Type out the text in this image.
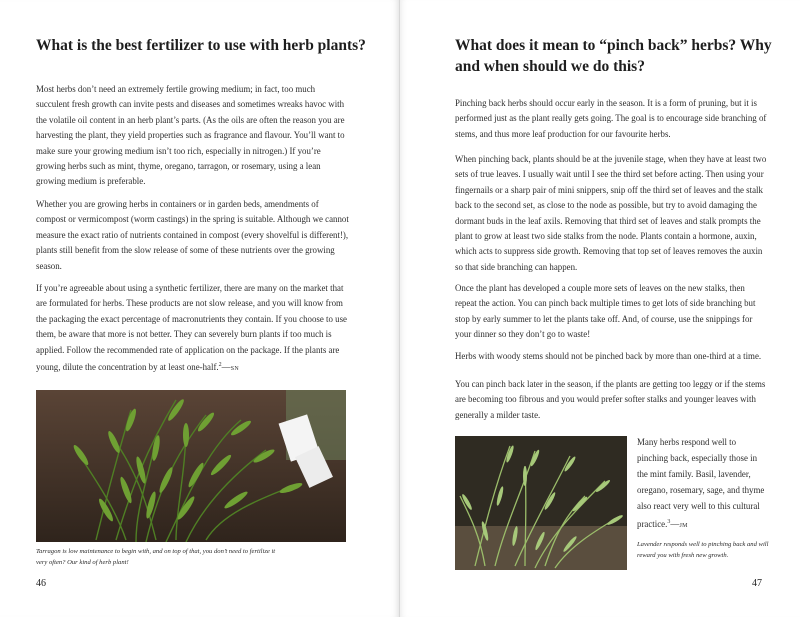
What is the best fertilizer to use with herb plants?

Most herbs don’t need an extremely fertile growing medium; in fact, too much succulent fresh growth can invite pests and diseases and sometimes wreaks havoc with the volatile oil content in an herb plant’s parts. (As the oils are often the reason you are harvesting the plant, they yield properties such as fragrance and flavour. You’ll want to make sure your growing medium isn’t too rich, especially in nitrogen.) If you’re growing herbs such as mint, thyme, oregano, tarragon, or rosemary, using a lean growing medium is preferable.

Whether you are growing herbs in containers or in garden beds, amendments of compost or vermicompost (worm castings) in the spring is suitable. Although we cannot measure the exact ratio of nutrients contained in compost (every shovelful is different!), plants still benefit from the slow release of some of these nutrients over the growing season.

If you’re agreeable about using a synthetic fertilizer, there are many on the market that are formulated for herbs. These products are not slow release, and you will know from the packaging the exact percentage of macronutrients they contain. If you choose to use them, be aware that more is not better. They can severely burn plants if too much is applied. Follow the recommended rate of application on the package. If the plants are young, dilute the concentration by at least one-half.$^2$—sn

Tarragon is low maintenance to begin with, and on top of that, you don’t need to fertilize it very often? Our kind of herb plant!

46
What does it mean to “pinch back” herbs? Why and when should we do this?

Pinching back herbs should occur early in the season. It is a form of pruning, but it is performed just as the plant really gets going. The goal is to encourage side branching of stems, and thus more leaf production for our favourite herbs.

When pinching back, plants should be at the juvenile stage, when they have at least two sets of true leaves. I usually wait until I see the third set before acting. Then using your fingernails or a sharp pair of mini snippers, snip off the third set of leaves and the stalk back to the second set, as close to the node as possible, but try to avoid damaging the dormant buds in the leaf axils. Removing that third set of leaves and stalk prompts the plant to grow at least two side stalks from the node. Plants contain a hormone, auxin, which acts to suppress side growth. Removing that top set of leaves removes the auxin so that side branching can happen.

Once the plant has developed a couple more sets of leaves on the new stalks, then repeat the action. You can pinch back multiple times to get lots of side branching but stop by early summer to let the plants take off. And, of course, use the snippings for your dinner so they don’t go to waste!

Herbs with woody stems should not be pinched back by more than one-third at a time.

You can pinch back later in the season, if the plants are getting too leggy or if the stems are becoming too fibrous and you would prefer softer stalks and younger leaves with generally a milder taste.

Many herbs respond well to pinching back, especially those in the mint family. Basil, lavender, oregano, rosemary, sage, and thyme also react very well to this cultural practice.$^3$—jm

Lavender responds well to pinching back and will reward you with fresh new growth.

47
